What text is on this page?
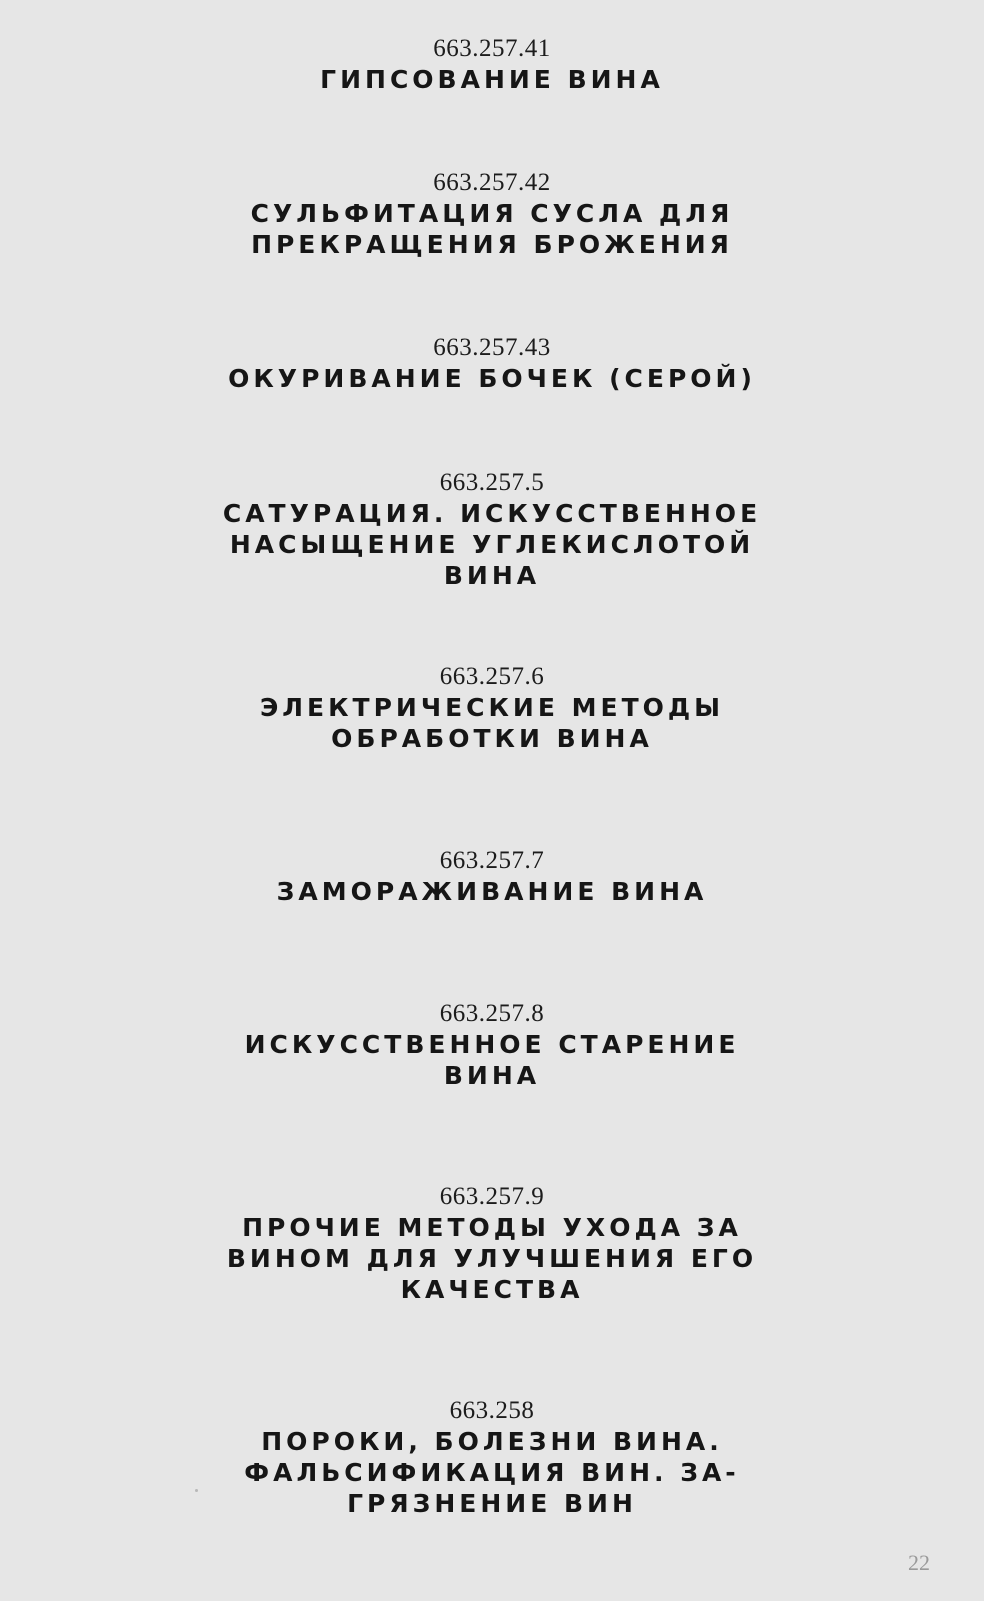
663.257.41
ГИПСОВАНИЕ ВИНА
663.257.42
СУЛЬФИТАЦИЯ СУСЛА ДЛЯ
ПРЕКРАЩЕНИЯ БРОЖЕНИЯ
663.257.43
ОКУРИВАНИЕ БОЧЕК (СЕРОЙ)
663.257.5
САТУРАЦИЯ. ИСКУССТВЕННОЕ
НАСЫЩЕНИЕ УГЛЕКИСЛОТОЙ
ВИНА
663.257.6
ЭЛЕКТРИЧЕСКИЕ МЕТОДЫ
ОБРАБОТКИ ВИНА
663.257.7
ЗАМОРАЖИВАНИЕ ВИНА
663.257.8
ИСКУССТВЕННОЕ СТАРЕНИЕ
ВИНА
663.257.9
ПРОЧИЕ МЕТОДЫ УХОДА ЗА
ВИНОМ ДЛЯ УЛУЧШЕНИЯ ЕГО
КАЧЕСТВА
663.258
ПОРОКИ, БОЛЕЗНИ ВИНА.
ФАЛЬСИФИКАЦИЯ ВИН. ЗА-
ГРЯЗНЕНИЕ ВИН
22
